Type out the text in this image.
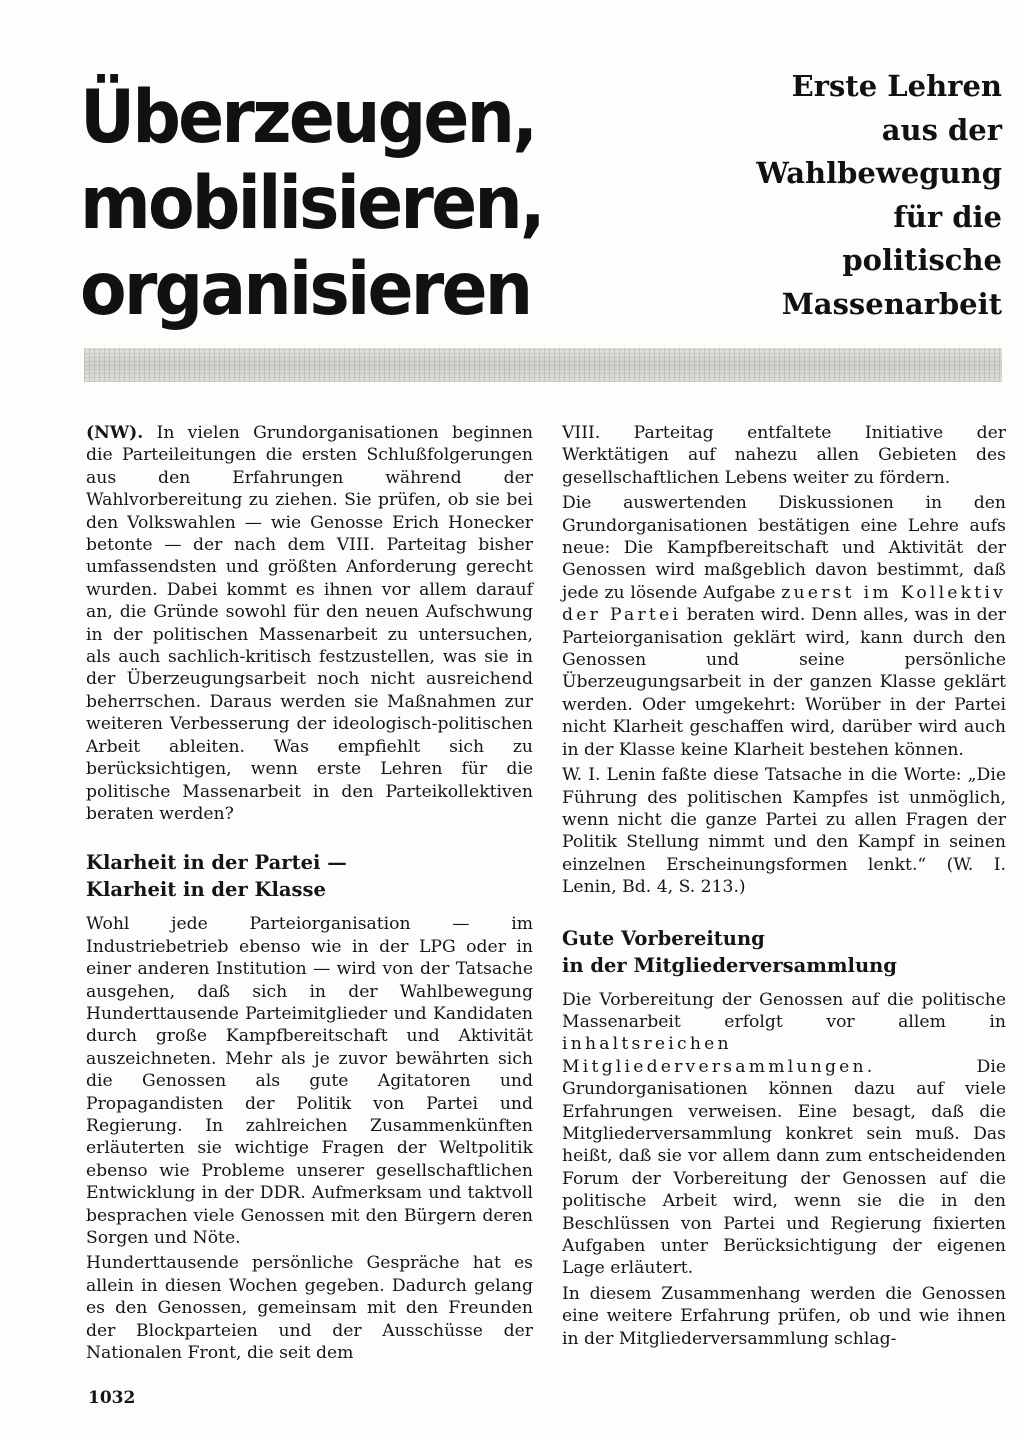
Überzeugen,
mobilisieren,
organisieren
Erste Lehren
aus der
Wahlbewegung
für die
politische
Massenarbeit

(NW). In vielen Grundorganisationen beginnen die Parteileitungen die ersten Schlußfolgerungen aus den Erfahrungen während der Wahlvorbereitung zu ziehen. Sie prüfen, ob sie bei den Volkswahlen — wie Genosse Erich Honecker betonte — der nach dem VIII. Parteitag bisher umfassendsten und größten Anforderung gerecht wurden. Dabei kommt es ihnen vor allem darauf an, die Gründe sowohl für den neuen Aufschwung in der politischen Massenarbeit zu untersuchen, als auch sachlich-kritisch festzustellen, was sie in der Überzeugungsarbeit noch nicht ausreichend beherrschen. Daraus werden sie Maßnahmen zur weiteren Verbesserung der ideologisch-politischen Arbeit ableiten. Was empfiehlt sich zu berücksichtigen, wenn erste Lehren für die politische Massenarbeit in den Parteikollektiven beraten werden?

Klarheit in der Partei —
Klarheit in der Klasse

Wohl jede Parteiorganisation — im Industriebetrieb ebenso wie in der LPG oder in einer anderen Institution — wird von der Tatsache ausgehen, daß sich in der Wahlbewegung Hunderttausende Parteimitglieder und Kandidaten durch große Kampfbereitschaft und Aktivität auszeichneten. Mehr als je zuvor bewährten sich die Genossen als gute Agitatoren und Propagandisten der Politik von Partei und Regierung. In zahlreichen Zusammenkünften erläuterten sie wichtige Fragen der Weltpolitik ebenso wie Probleme unserer gesellschaftlichen Entwicklung in der DDR. Aufmerksam und taktvoll besprachen viele Genossen mit den Bürgern deren Sorgen und Nöte.

Hunderttausende persönliche Gespräche hat es allein in diesen Wochen gegeben. Dadurch gelang es den Genossen, gemeinsam mit den Freunden der Blockparteien und der Ausschüsse der Nationalen Front, die seit dem

VIII. Parteitag entfaltete Initiative der Werktätigen auf nahezu allen Gebieten des gesellschaftlichen Lebens weiter zu fördern.

Die auswertenden Diskussionen in den Grundorganisationen bestätigen eine Lehre aufs neue: Die Kampfbereitschaft und Aktivität der Genossen wird maßgeblich davon bestimmt, daß jede zu lösende Aufgabe zuerst im Kollektiv der Partei beraten wird. Denn alles, was in der Parteiorganisation geklärt wird, kann durch den Genossen und seine persönliche Überzeugungsarbeit in der ganzen Klasse geklärt werden. Oder umgekehrt: Worüber in der Partei nicht Klarheit geschaffen wird, darüber wird auch in der Klasse keine Klarheit bestehen können.

W. I. Lenin faßte diese Tatsache in die Worte: „Die Führung des politischen Kampfes ist unmöglich, wenn nicht die ganze Partei zu allen Fragen der Politik Stellung nimmt und den Kampf in seinen einzelnen Erscheinungsformen lenkt.“ (W. I. Lenin, Bd. 4, S. 213.)

Gute Vorbereitung
in der Mitgliederversammlung

Die Vorbereitung der Genossen auf die politische Massenarbeit erfolgt vor allem in inhaltsreichen Mitgliederversammlungen. Die Grundorganisationen können dazu auf viele Erfahrungen verweisen. Eine besagt, daß die Mitgliederversammlung konkret sein muß. Das heißt, daß sie vor allem dann zum entscheidenden Forum der Vorbereitung der Genossen auf die politische Arbeit wird, wenn sie die in den Beschlüssen von Partei und Regierung fixierten Aufgaben unter Berücksichtigung der eigenen Lage erläutert.

In diesem Zusammenhang werden die Genossen eine weitere Erfahrung prüfen, ob und wie ihnen in der Mitgliederversammlung schlag-

1032
